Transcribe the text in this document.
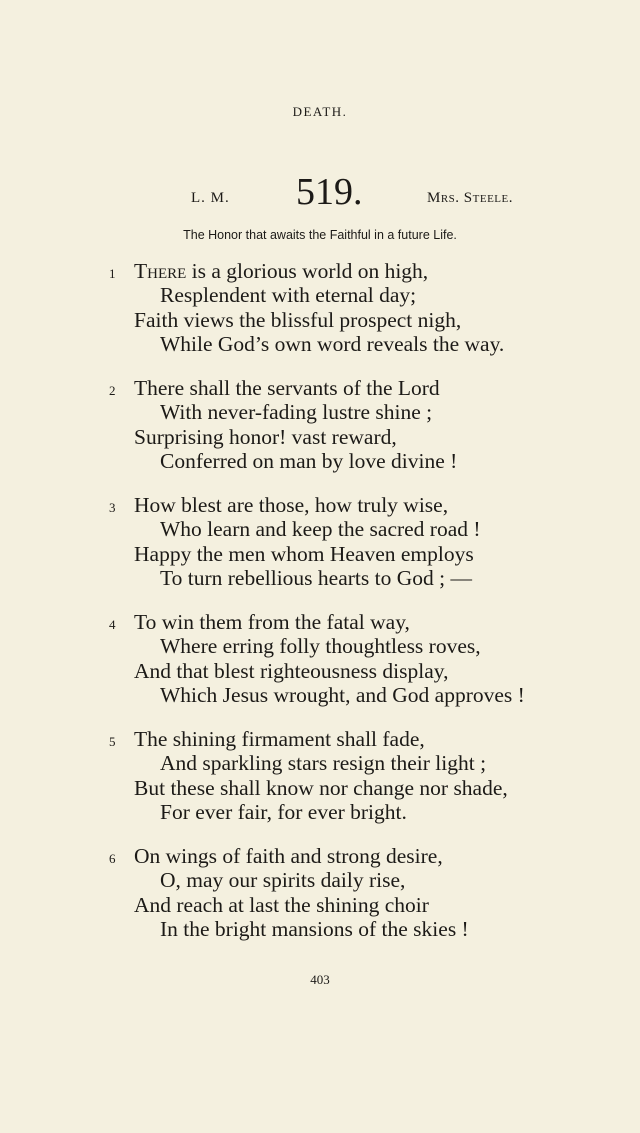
DEATH.
L. M. 519.	Mrs. Steele.
The Honor that awaits the Faithful in a future Life.
1 There is a glorious world on high,
Resplendent with eternal day;
Faith views the blissful prospect nigh,
While God’s own word reveals the way.
2 There shall the servants of the Lord
With never-fading lustre shine ;
Surprising honor! vast reward,
Conferred on man by love divine !
3 How blest are those, how truly wise,
Who learn and keep the sacred road !
Happy the men whom Heaven employs
To turn rebellious hearts to God ; —
4 To win them from the fatal way,
Where erring folly thoughtless roves,
And that blest righteousness display,
Which Jesus wrought, and God approves !
5 The shining firmament shall fade,
And sparkling stars resign their light ;
But these shall know nor change nor shade,
For ever fair, for ever bright.
6 On wings of faith and strong desire,
O, may our spirits daily rise,
And reach at last the shining choir
In the bright mansions of the skies !
403
